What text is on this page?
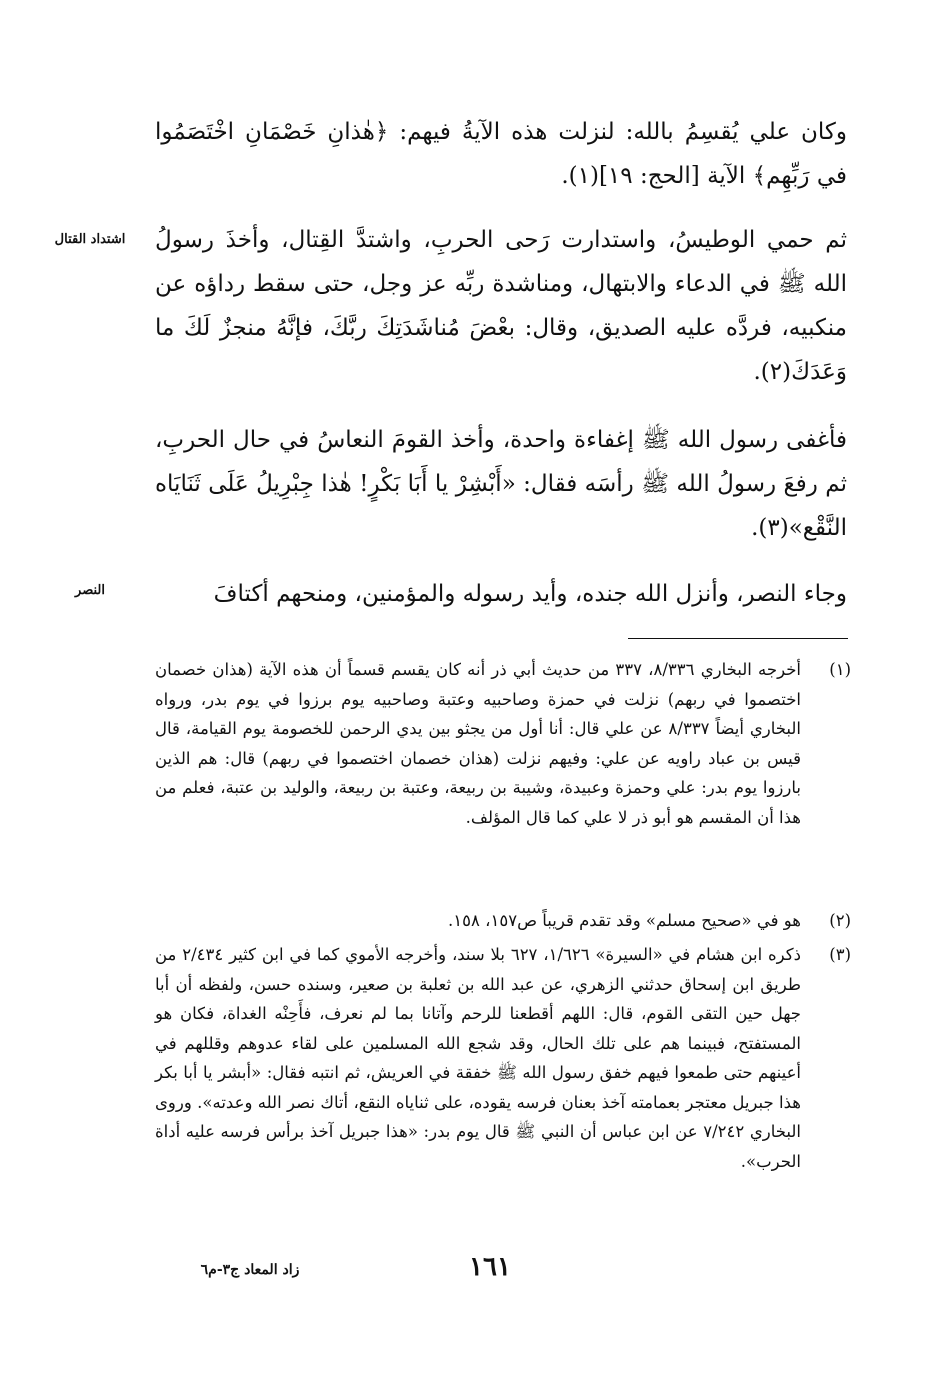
وكان علي يُقسِمُ بالله: لنزلت هذه الآيةُ فيهم: ﴿هٰذانِ خَصْمَانِ اخْتَصَمُوا في رَبِّهِم﴾ الآية [الحج: ١٩](١).

اشتداد القتال	ثم حمي الوطيسُ، واستدارت رَحى الحربِ، واشتدَّ القِتال، وأخذَ رسولُ الله ﷺ في الدعاء والابتهال، ومناشدة ربِّه عز وجل، حتى سقط رداؤه عن منكبيه، فردَّه عليه الصديق، وقال: بعْضَ مُناشَدَتِكَ ربَّكَ، فإنَّهُ منجزٌ لَكَ ما وَعَدَكَ(٢).

فأغفى رسول الله ﷺ إغفاءة واحدة، وأخذ القومَ النعاسُ في حال الحربِ، ثم رفعَ رسولُ الله ﷺ رأسَه فقال: «أَبْشِرْ يا أَبَا بَكْرٍ! هٰذا جِبْرِيلُ عَلَى ثَنَايَاه النَّقْع»(٣).

النصر	وجاء النصر، وأنزل الله جنده، وأيد رسوله والمؤمنين، ومنحهم أكتافَ

(١)
أخرجه البخاري ٨/٣٣٦، ٣٣٧ من حديث أبي ذر أنه كان يقسم قسماً أن هذه الآية (هذان خصمان اختصموا في ربهم) نزلت في حمزة وصاحبيه وعتبة وصاحبيه يوم برزوا في يوم بدر، ورواه البخاري أيضاً ٨/٣٣٧ عن علي قال: أنا أول من يجثو بين يدي الرحمن للخصومة يوم القيامة، قال قيس بن عباد راويه عن علي: وفيهم نزلت (هذان خصمان اختصموا في ربهم) قال: هم الذين بارزوا يوم بدر: علي وحمزة وعبيدة، وشيبة بن ربيعة، وعتبة بن ربيعة، والوليد بن عتبة، فعلم من هذا أن المقسم هو أبو ذر لا علي كما قال المؤلف.
(٢)
هو في «صحيح مسلم» وقد تقدم قريباً ص١٥٧، ١٥٨.
(٣)
ذكره ابن هشام في «السيرة» ١/٦٢٦، ٦٢٧ بلا سند، وأخرجه الأموي كما في ابن كثير ٢/٤٣٤ من طريق ابن إسحاق حدثني الزهري، عن عبد الله بن ثعلبة بن صعير، وسنده حسن، ولفظه أن أبا جهل حين التقى القوم، قال: اللهم أقطعنا للرحم وآتانا بما لم نعرف، فأَحِنْه الغداة، فكان هو المستفتح، فبينما هم على تلك الحال، وقد شجع الله المسلمين على لقاء عدوهم وقللهم في أعينهم حتى طمعوا فيهم خفق رسول الله ﷺ خفقة في العريش، ثم انتبه فقال: «أبشر يا أبا بكر هذا جبريل معتجر بعمامته آخذ بعنان فرسه يقوده، على ثناياه النقع، أتاك نصر الله وعدته». وروى البخاري ٧/٢٤٢ عن ابن عباس أن النبي ﷺ قال يوم بدر: «هذا جبريل آخذ برأس فرسه عليه أداة الحرب».
١٦١
زاد المعاد ج٣-م٦
